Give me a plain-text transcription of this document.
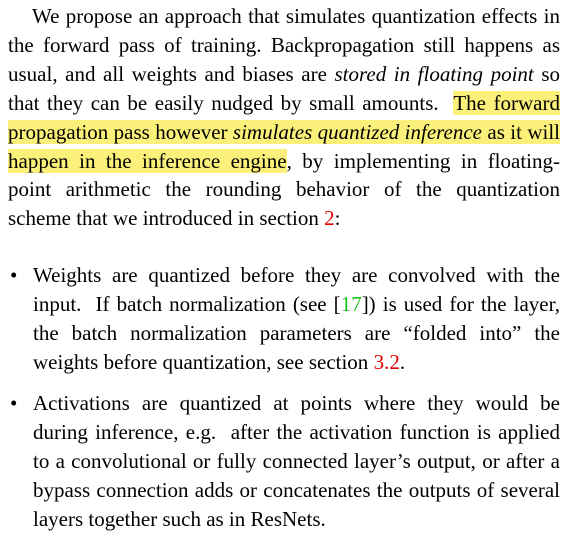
We propose an approach that simulates quantization effects in the forward pass of training. Backpropagation still happens as usual, and all weights and biases are stored in floating point so that they can be easily nudged by small amounts.  The forward propagation pass however simulates quantized inference as it will happen in the inference engine, by implementing in floating-point arithmetic the rounding behavior of the quantization scheme that we introduced in section 2:

• Weights are quantized before they are convolved with the input.  If batch normalization (see [17]) is used for the layer, the batch normalization parameters are “folded into” the weights before quantization, see section 3.2.
• Activations are quantized at points where they would be during inference, e.g.  after the activation function is applied to a convolutional or fully connected layer’s output, or after a bypass connection adds or concatenates the outputs of several layers together such as in ResNets.
